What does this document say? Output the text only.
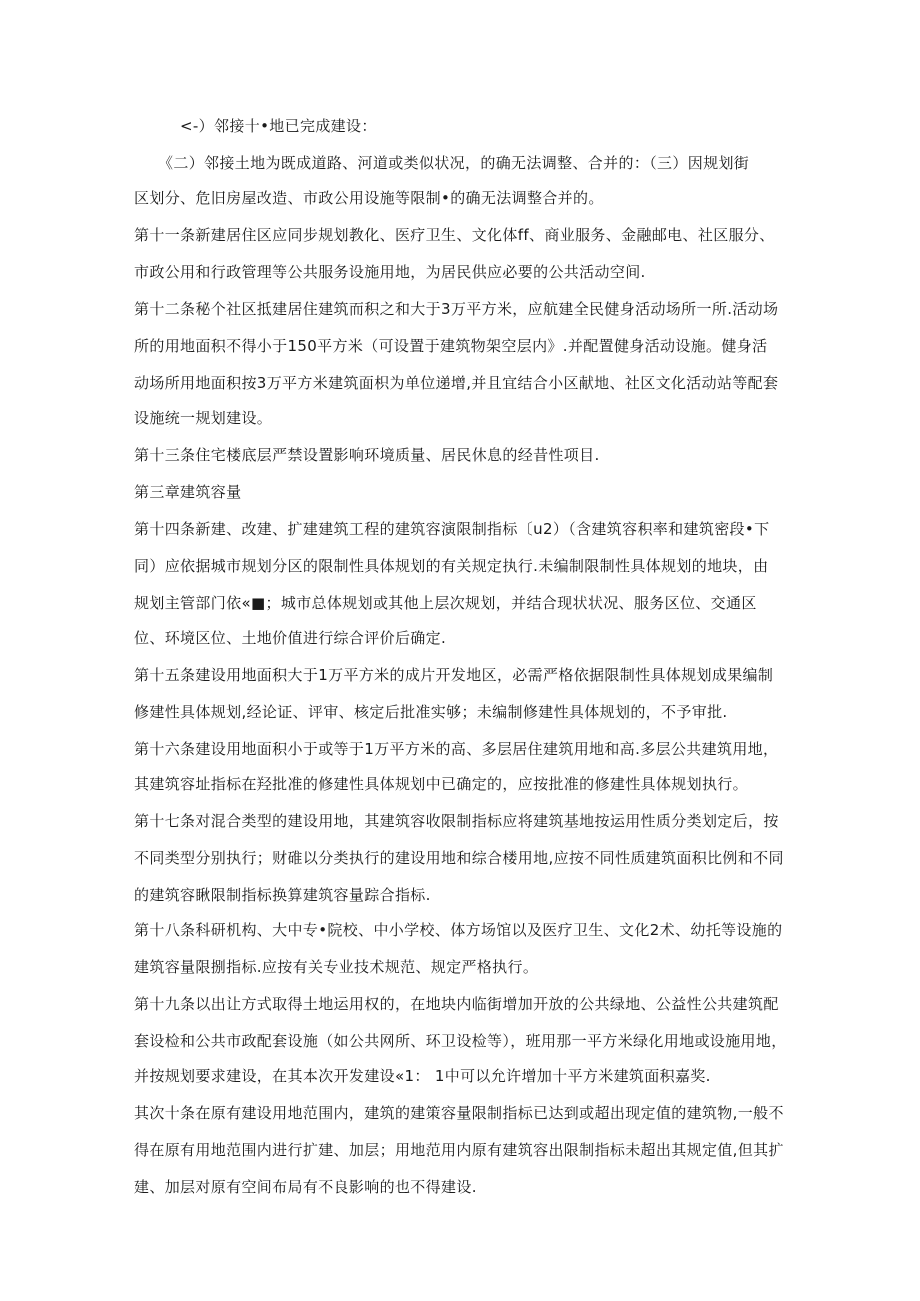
<-）邻接十•地已完成建设：
《二）邻接土地为既成道路、河道或类似状况，的确无法调整、合并的：（三）因规划街
区划分、危旧房屋改造、市政公用设施等限制•的确无法调整合并的。
第十一条新建居住区应同步规划教化、医疗卫生、文化体ff、商业服务、金融邮电、社区服分、
市政公用和行政管理等公共服务设施用地，为居民供应必要的公共活动空间.
第十二条秘个社区抵建居住建筑而积之和大于3万平方米，应航建全民健身活动场所一所.活动场
所的用地面积不得小于150平方米（可设置于建筑物架空层内》.并配置健身活动设施。健身活
动场所用地面积按3万平方米建筑面枳为单位递增,并且宜结合小区献地、社区文化活动站等配套
设施统一规划建设。
第十三条住宅楼底层严禁设置影响环境质量、居民休息的经昔性项目.
第三章建筑容量
第十四条新建、改建、扩建建筑工程的建筑容演限制指标〔u2）（含建筑容积率和建筑密段•下
同）应依据城市规划分区的限制性具体规划的有关规定执行.未编制限制性具体规划的地块，由
规划主管部门依«■；城市总体规划或其他上层次规划，并结合现状状况、服务区位、交通区
位、环境区位、土地价值进行综合评价后确定.
第十五条建设用地面积大于1万平方米的成片开发地区，必需严格依据限制性具体规划成果编制
修建性具体规划,经论证、评审、核定后批准实够；未编制修建性具体规划的，不予审批.
第十六条建设用地面积小于或等于1万平方米的高、多层居住建筑用地和高.多层公共建筑用地，
其建筑容址指标在羟批准的修建性具体规划中已确定的，应按批准的修建性具体规划执行。
第十七条对混合类型的建设用地，其建筑容收限制指标应将建筑基地按运用性质分类划定后，按
不同类型分别执行；财碓以分类执行的建设用地和综合楼用地,应按不同性质建筑面积比例和不同
的建筑容瞅限制指标换算建筑容量踪合指标.
第十八条科研机构、大中专•院校、中小学校、体方场馆以及医疗卫生、文化2术、幼托等设施的
建筑容量限捌指标.应按有关专业技术规范、规定严格执行。
第十九条以出让方式取得土地运用权的，在地块内临街增加开放的公共绿地、公益性公共建筑配
套设检和公共市政配套设施（如公共网所、环卫设检等），班用那一平方米绿化用地或设施用地，
并按规划要求建设，在其本次开发建设«1： 1中可以允许增加十平方米建筑面积嘉奖.
其次十条在原有建设用地范围内，建筑的建策容量限制指标已达到或超出现定值的建筑物,一般不
得在原有用地范围内进行扩建、加层；用地范用内原有建筑容出限制指标未超出其规定值,但其扩
建、加层对原有空间布局有不良影响的也不得建设.
